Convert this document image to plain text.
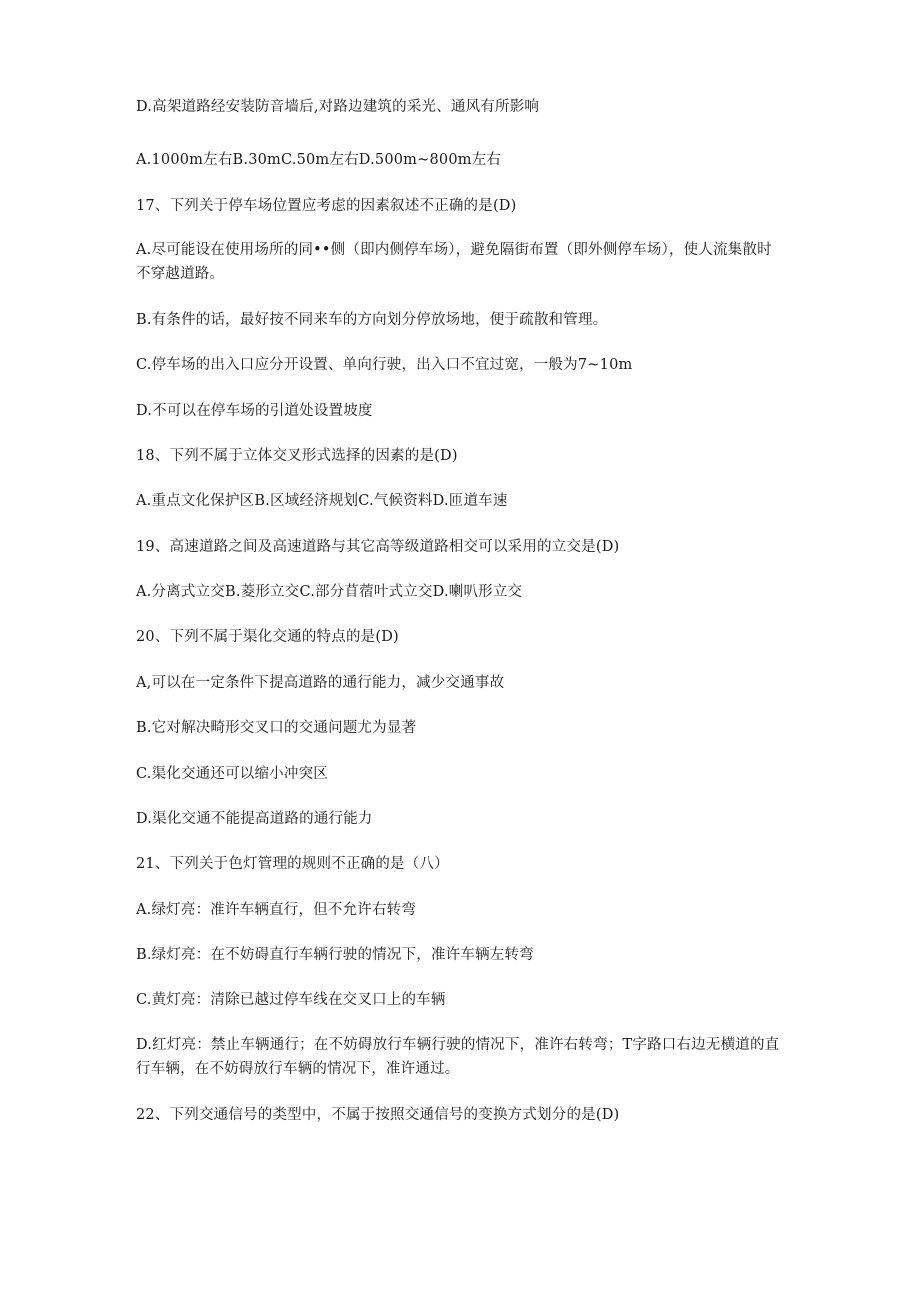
D.高架道路经安装防音墙后,对路边建筑的采光、通风有所影响
A.1000m左右B.30mC.50m左右D.500m~800m左右
17、下列关于停车场位置应考虑的因素叙述不正确的是(D)
A.尽可能设在使用场所的同••侧（即内侧停车场），避免隔街布置（即外侧停车场），使人流集散时不穿越道路。
B.有条件的话，最好按不同来车的方向划分停放场地，便于疏散和管理。
C.停车场的出入口应分开设置、单向行驶，出入口不宜过宽，一般为7~10m
D.不可以在停车场的引道处设置坡度
18、下列不属于立体交叉形式选择的因素的是(D)
A.重点文化保护区B.区域经济规划C.气候资料D.匝道车速
19、高速道路之间及高速道路与其它高等级道路相交可以采用的立交是(D)
A.分离式立交B.菱形立交C.部分苜蓿叶式立交D.喇叭形立交
20、下列不属于渠化交通的特点的是(D)
A,可以在一定条件下提高道路的通行能力，减少交通事故
B.它对解决畸形交叉口的交通问题尤为显著
C.渠化交通还可以缩小冲突区
D.渠化交通不能提高道路的通行能力
21、下列关于色灯管理的规则不正确的是（八）
A.绿灯亮：准许车辆直行，但不允许右转弯
B.绿灯亮：在不妨碍直行车辆行驶的情况下，准许车辆左转弯
C.黄灯亮：清除已越过停车线在交叉口上的车辆
D.红灯亮：禁止车辆通行；在不妨碍放行车辆行驶的情况下，准许右转弯；T字路口右边无横道的直行车辆，在不妨碍放行车辆的情况下，准许通过。
22、下列交通信号的类型中，不属于按照交通信号的变换方式划分的是(D)
